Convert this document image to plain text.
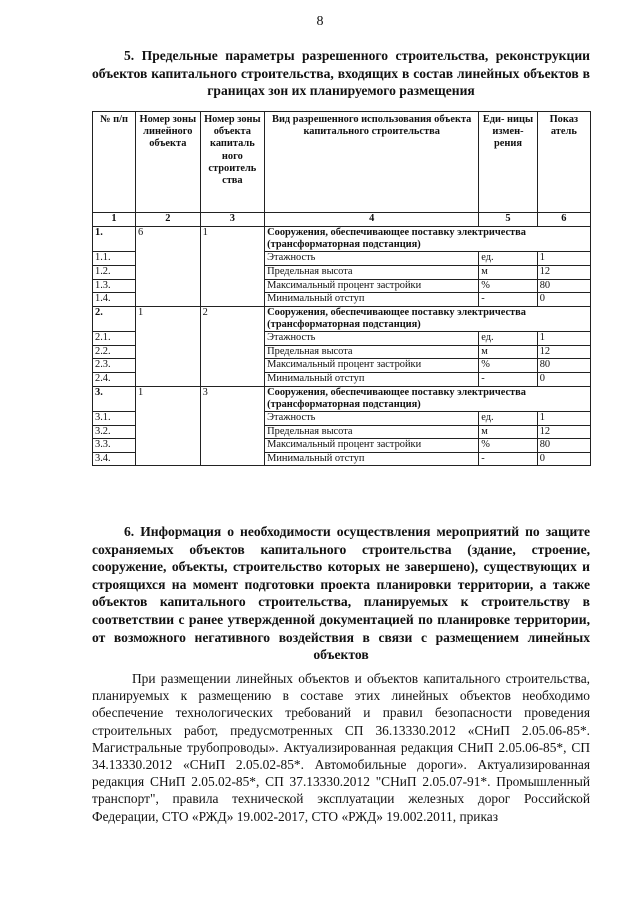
8
5. Предельные параметры разрешенного строительства, реконструкции объектов капитального строительства, входящих в состав линейных объектов в границах зон их планируемого размещения
№ п/п	Номер зоны линейного объекта	Номер зоны объекта капиталь ного строитель ства	Вид разрешенного использования объекта капитального строительства	Еди- ницы измен- рения	Показ атель
1	2	3	4	5	6
1.	6	1	Сооружения, обеспечивающее поставку электричества (трансформаторная подстанция)		
1.1.			Этажность	ед.	1
1.2.			Предельная высота	м	12
1.3.			Максимальный процент застройки	%	80
1.4.			Минимальный отступ	-	0
2.	1	2	Сооружения, обеспечивающее поставку электричества (трансформаторная подстанция)		
2.1.			Этажность	ед.	1
2.2.			Предельная высота	м	12
2.3.			Максимальный процент застройки	%	80
2.4.			Минимальный отступ	-	0
3.	1	3	Сооружения, обеспечивающее поставку электричества (трансформаторная подстанция)		
3.1.			Этажность	ед.	1
3.2.			Предельная высота	м	12
3.3.			Максимальный процент застройки	%	80
3.4.			Минимальный отступ	-	0
6. Информация о необходимости осуществления мероприятий по защите сохраняемых объектов капитального строительства (здание, строение, сооружение, объекты, строительство которых не завершено), существующих и строящихся на момент подготовки проекта планировки территории, а также объектов капитального строительства, планируемых к строительству в соответствии с ранее утвержденной документацией по планировке территории, от возможного негативного воздействия в связи с размещением линейных объектов
При размещении линейных объектов и объектов капитального строительства, планируемых к размещению в составе этих линейных объектов необходимо обеспечение технологических требований и правил безопасности проведения строительных работ, предусмотренных СП 36.13330.2012 «СНиП 2.05.06-85*. Магистральные трубопроводы». Актуализированная редакция СНиП 2.05.06-85*, СП 34.13330.2012 «СНиП 2.05.02-85*. Автомобильные дороги». Актуализированная редакция СНиП 2.05.02-85*, СП 37.13330.2012 "СНиП 2.05.07-91*. Промышленный транспорт", правила технической эксплуатации железных дорог Российской Федерации, СТО «РЖД» 19.002-2017, СТО «РЖД» 19.002.2011, приказ
